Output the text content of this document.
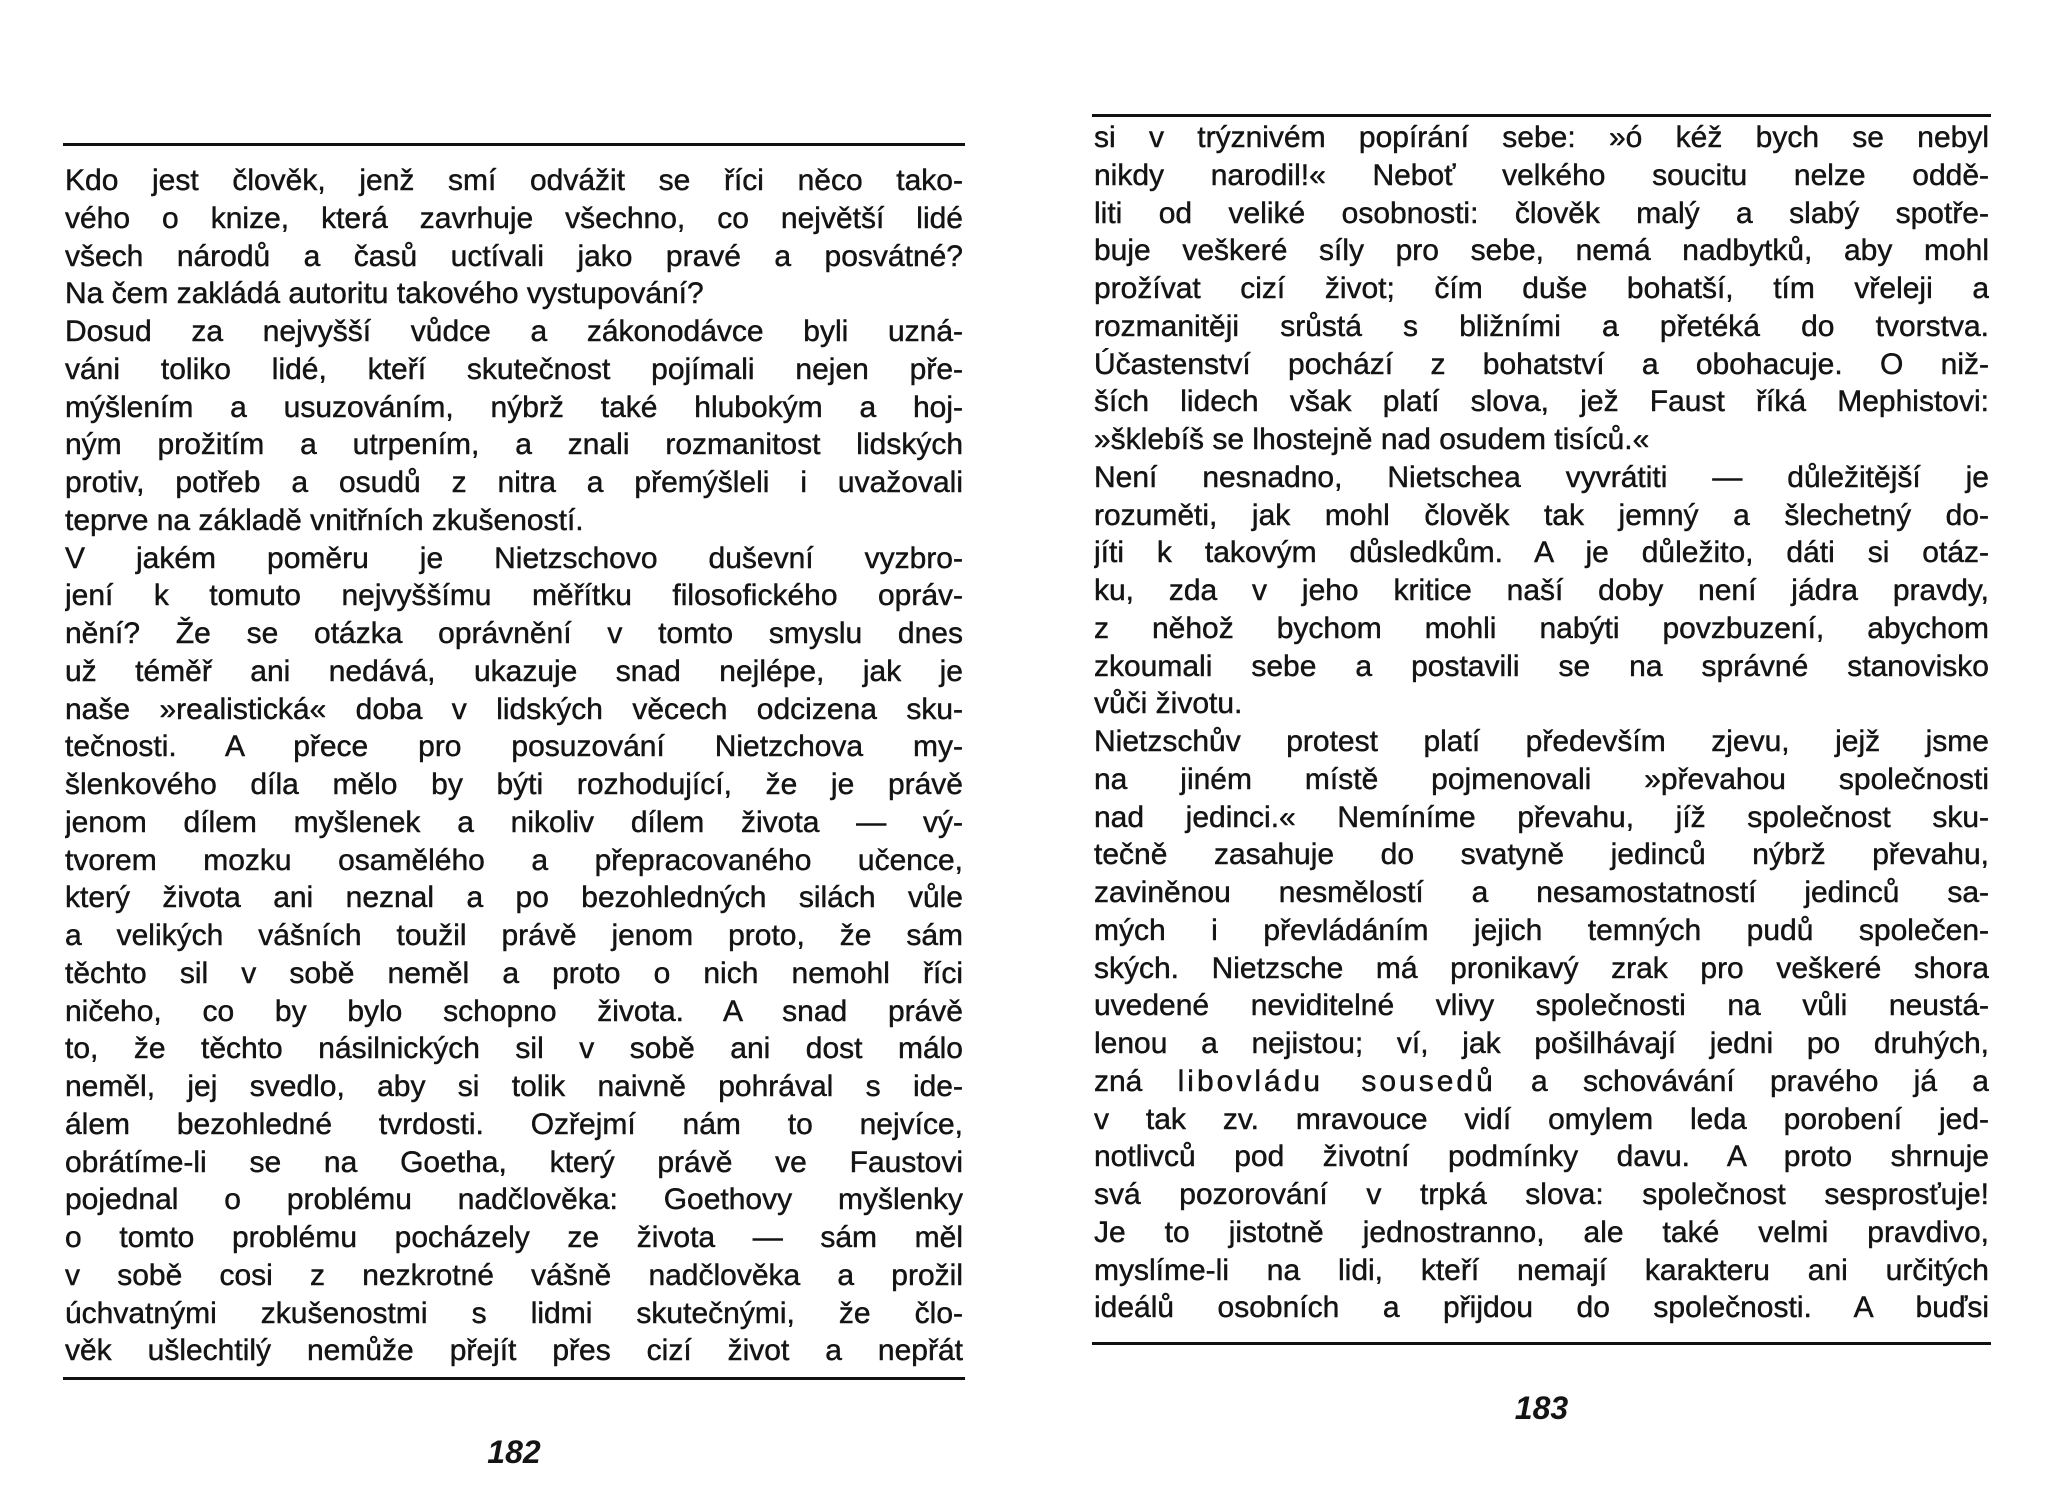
Kdo jest člověk, jenž smí odvážit se říci něco tako-
vého o knize, která zavrhuje všechno, co největší lidé
všech národů a časů uctívali jako pravé a posvátné?
Na čem zakládá autoritu takového vystupování?
Dosud za nejvyšší vůdce a zákonodávce byli uzná-
váni toliko lidé, kteří skutečnost pojímali nejen pře-
mýšlením a usuzováním, nýbrž také hlubokým a hoj-
ným prožitím a utrpením, a znali rozmanitost lidských
protiv, potřeb a osudů z nitra a přemýšleli i uvažovali
teprve na základě vnitřních zkušeností.
V jakém poměru je Nietzschovo duševní vyzbro-
jení k tomuto nejvyššímu měřítku filosofického opráv-
nění? Že se otázka oprávnění v tomto smyslu dnes
už téměř ani nedává, ukazuje snad nejlépe, jak je
naše »realistická« doba v lidských věcech odcizena sku-
tečnosti. A přece pro posuzování Nietzchova my-
šlenkového díla mělo by býti rozhodující, že je právě
jenom dílem myšlenek a nikoliv dílem života — vý-
tvorem mozku osamělého a přepracovaného učence,
který života ani neznal a po bezohledných silách vůle
a velikých vášních toužil právě jenom proto, že sám
těchto sil v sobě neměl a proto o nich nemohl říci
ničeho, co by bylo schopno života. A snad právě
to, že těchto násilnických sil v sobě ani dost málo
neměl, jej svedlo, aby si tolik naivně pohrával s ide-
álem bezohledné tvrdosti. Ozřejmí nám to nejvíce,
obrátíme-li se na Goetha, který právě ve Faustovi
pojednal o problému nadčlověka: Goethovy myšlenky
o tomto problému pocházely ze života — sám měl
v sobě cosi z nezkrotné vášně nadčlověka a prožil
úchvatnými zkušenostmi s lidmi skutečnými, že člo-
věk ušlechtilý nemůže přejít přes cizí život a nepřát
182
si v trýznivém popírání sebe: »ó kéž bych se nebyl
nikdy narodil!« Neboť velkého soucitu nelze oddě-
liti od veliké osobnosti: člověk malý a slabý spotře-
buje veškeré síly pro sebe, nemá nadbytků, aby mohl
prožívat cizí život; čím duše bohatší, tím vřeleji a
rozmanitěji srůstá s bližními a přetéká do tvorstva.
Účastenství pochází z bohatství a obohacuje. O niž-
ších lidech však platí slova, jež Faust říká Mephistovi:
»šklebíš se lhostejně nad osudem tisíců.«
Není nesnadno, Nietschea vyvrátiti — důležitější je
rozuměti, jak mohl člověk tak jemný a šlechetný do-
jíti k takovým důsledkům. A je důležito, dáti si otáz-
ku, zda v jeho kritice naší doby není jádra pravdy,
z něhož bychom mohli nabýti povzbuzení, abychom
zkoumali sebe a postavili se na správné stanovisko
vůči životu.
Nietzschův protest platí především zjevu, jejž jsme
na jiném místě pojmenovali »převahou společnosti
nad jedinci.« Nemíníme převahu, jíž společnost sku-
tečně zasahuje do svatyně jedinců nýbrž převahu,
zaviněnou nesmělostí a nesamostatností jedinců sa-
mých i převládáním jejich temných pudů společen-
ských. Nietzsche má pronikavý zrak pro veškeré shora
uvedené neviditelné vlivy společnosti na vůli neustá-
lenou a nejistou; ví, jak pošilhávají jedni po druhých,
zná libovládu sousedů a schovávání pravého já a
v tak zv. mravouce vidí omylem leda porobení jed-
notlivců pod životní podmínky davu. A proto shrnuje
svá pozorování v trpká slova: společnost sesprosťuje!
Je to jistotně jednostranno, ale také velmi pravdivo,
myslíme-li na lidi, kteří nemají karakteru ani určitých
ideálů osobních a přijdou do společnosti. A buďsi
183
